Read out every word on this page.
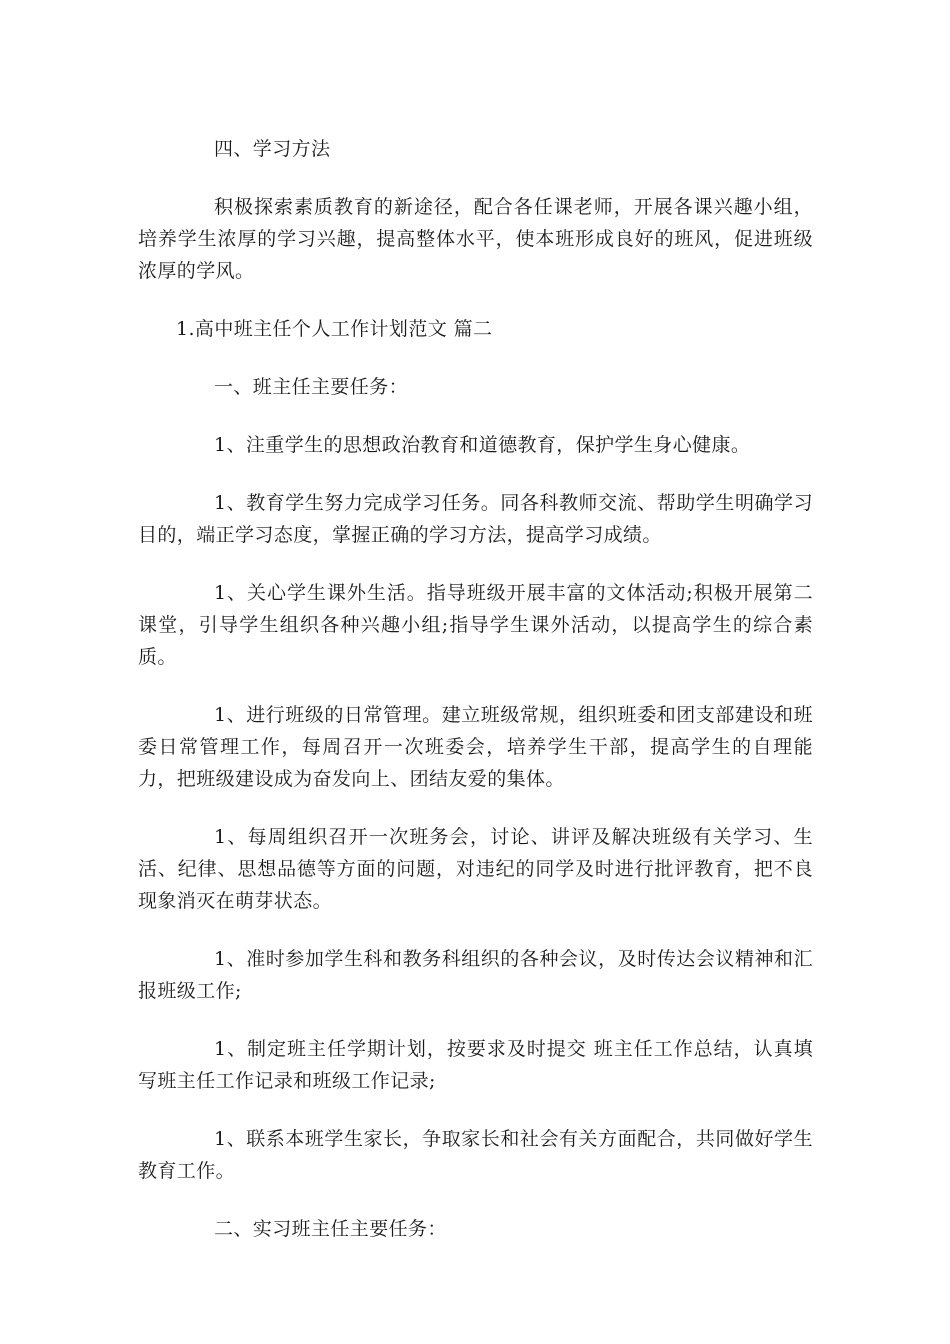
四、学习方法

积极探索素质教育的新途径，配合各任课老师，开展各课兴趣小组，培养学生浓厚的学习兴趣，提高整体水平，使本班形成良好的班风，促进班级浓厚的学风。

1.高中班主任个人工作计划范文 篇二

一、班主任主要任务：

1、注重学生的思想政治教育和道德教育，保护学生身心健康。

1、教育学生努力完成学习任务。同各科教师交流、帮助学生明确学习目的，端正学习态度，掌握正确的学习方法，提高学习成绩。

1、关心学生课外生活。指导班级开展丰富的文体活动;积极开展第二课堂，引导学生组织各种兴趣小组;指导学生课外活动，以提高学生的综合素质。

1、进行班级的日常管理。建立班级常规，组织班委和团支部建设和班委日常管理工作，每周召开一次班委会，培养学生干部，提高学生的自理能力，把班级建设成为奋发向上、团结友爱的集体。

1、每周组织召开一次班务会，讨论、讲评及解决班级有关学习、生活、纪律、思想品德等方面的问题，对违纪的同学及时进行批评教育，把不良现象消灭在萌芽状态。

1、准时参加学生科和教务科组织的各种会议，及时传达会议精神和汇报班级工作;

1、制定班主任学期计划，按要求及时提交 班主任工作总结，认真填写班主任工作记录和班级工作记录;

1、联系本班学生家长，争取家长和社会有关方面配合，共同做好学生教育工作。

二、实习班主任主要任务：
